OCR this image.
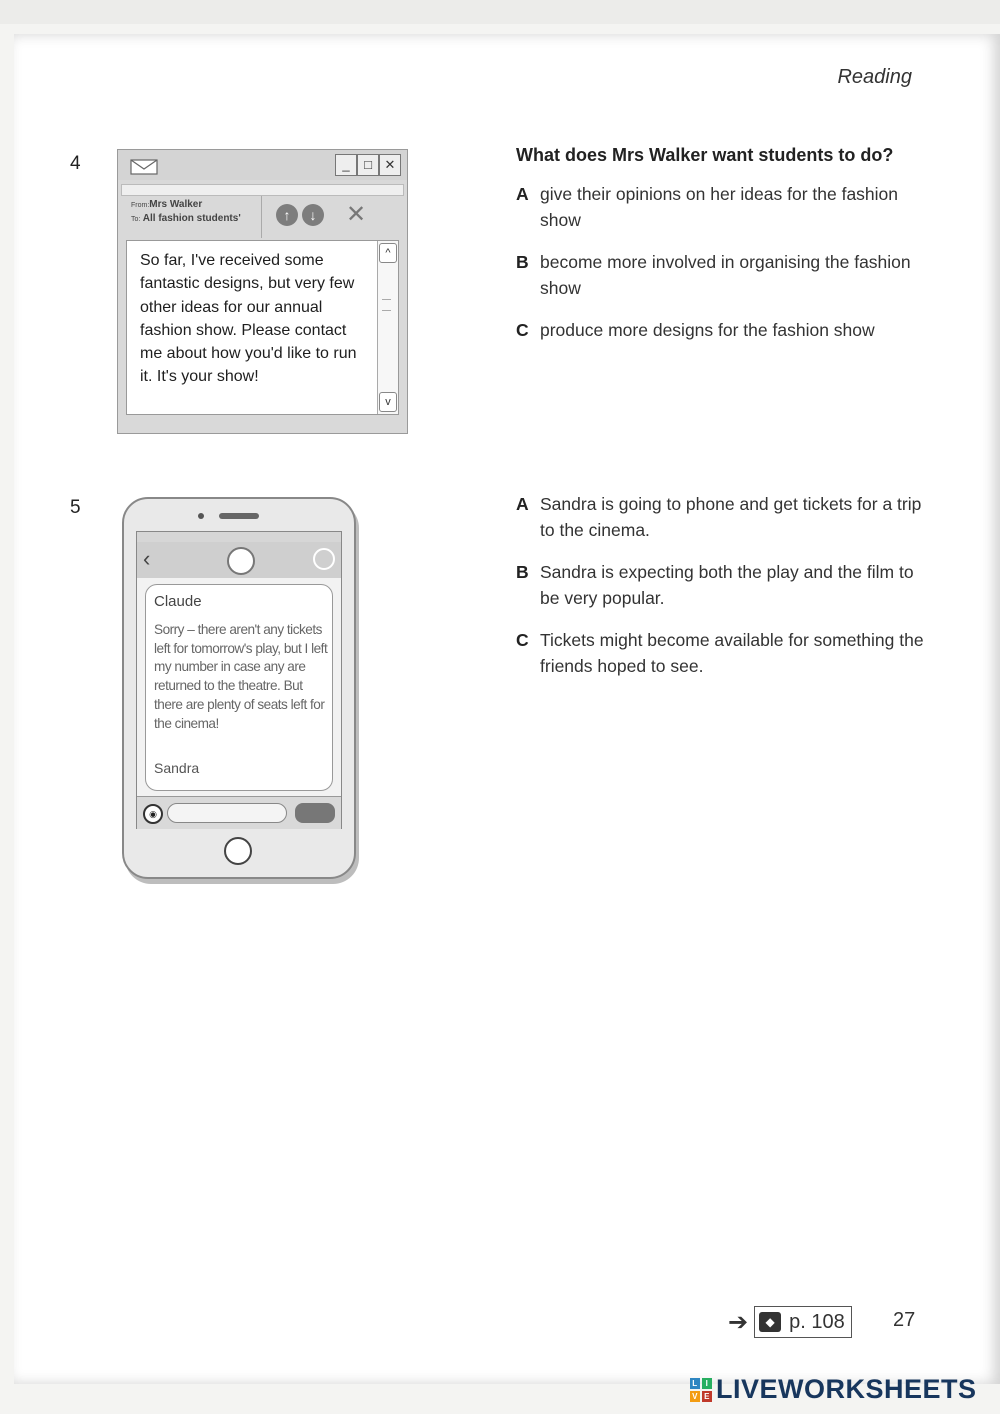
Reading
4	_	□ ✕
From:Mrs Walker
To: All fashion students'	↑	↓	✕
So far, I've received some fantastic designs, but very few other ideas for our annual fashion show. Please contact me about how you'd like to run it. It's your show!
^
v
What does Mrs Walker want students to do?
A give their opinions on her ideas for the fashion show
B become more involved in organising the fashion show
C produce more designs for the fashion show
5
‹
Claude
Sorry – there aren't any tickets left for tomorrow's play, but I left my number in case any are returned to the theatre. But there are plenty of seats left for the cinema!
Sandra
◉
A Sandra is going to phone and get tickets for a trip to the cinema.
B Sandra is expecting both the play and the film to be very popular.
C Tickets might become available for something the friends hoped to see.
➔	◆ p. 108 27
L I
V E LIVEWORKSHEETS
